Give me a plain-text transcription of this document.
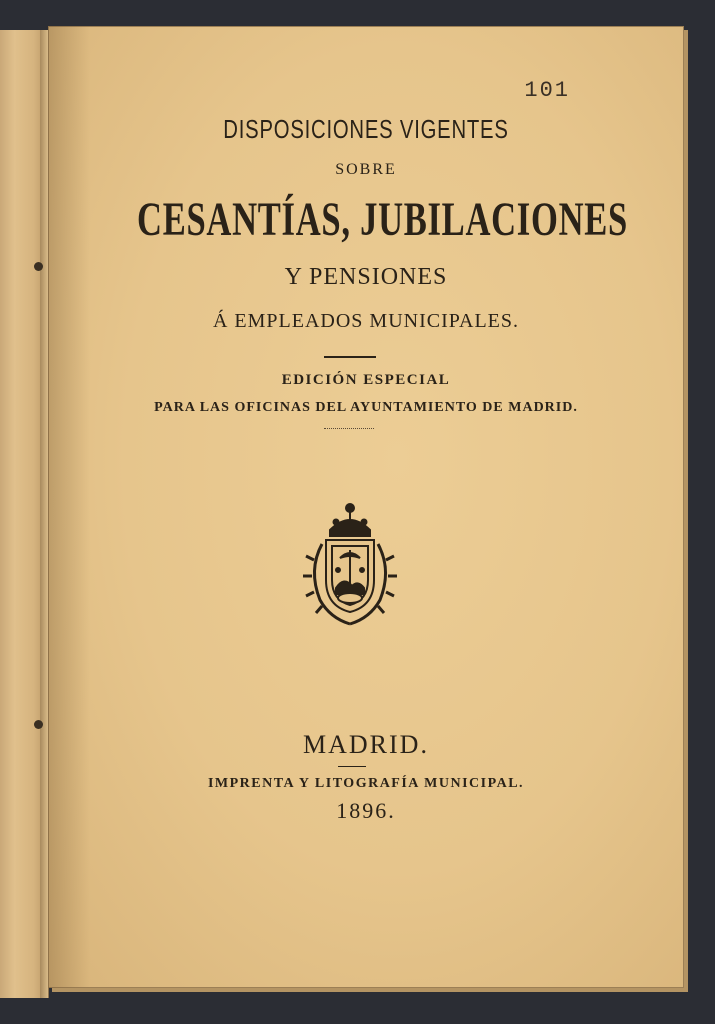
101
DISPOSICIONES VIGENTES
SOBRE
CESANTÍAS, JUBILACIONES
Y PENSIONES
Á EMPLEADOS MUNICIPALES.
EDICIÓN ESPECIAL
PARA LAS OFICINAS DEL AYUNTAMIENTO DE MADRID.
MADRID.
IMPRENTA Y LITOGRAFÍA MUNICIPAL.
1896.
